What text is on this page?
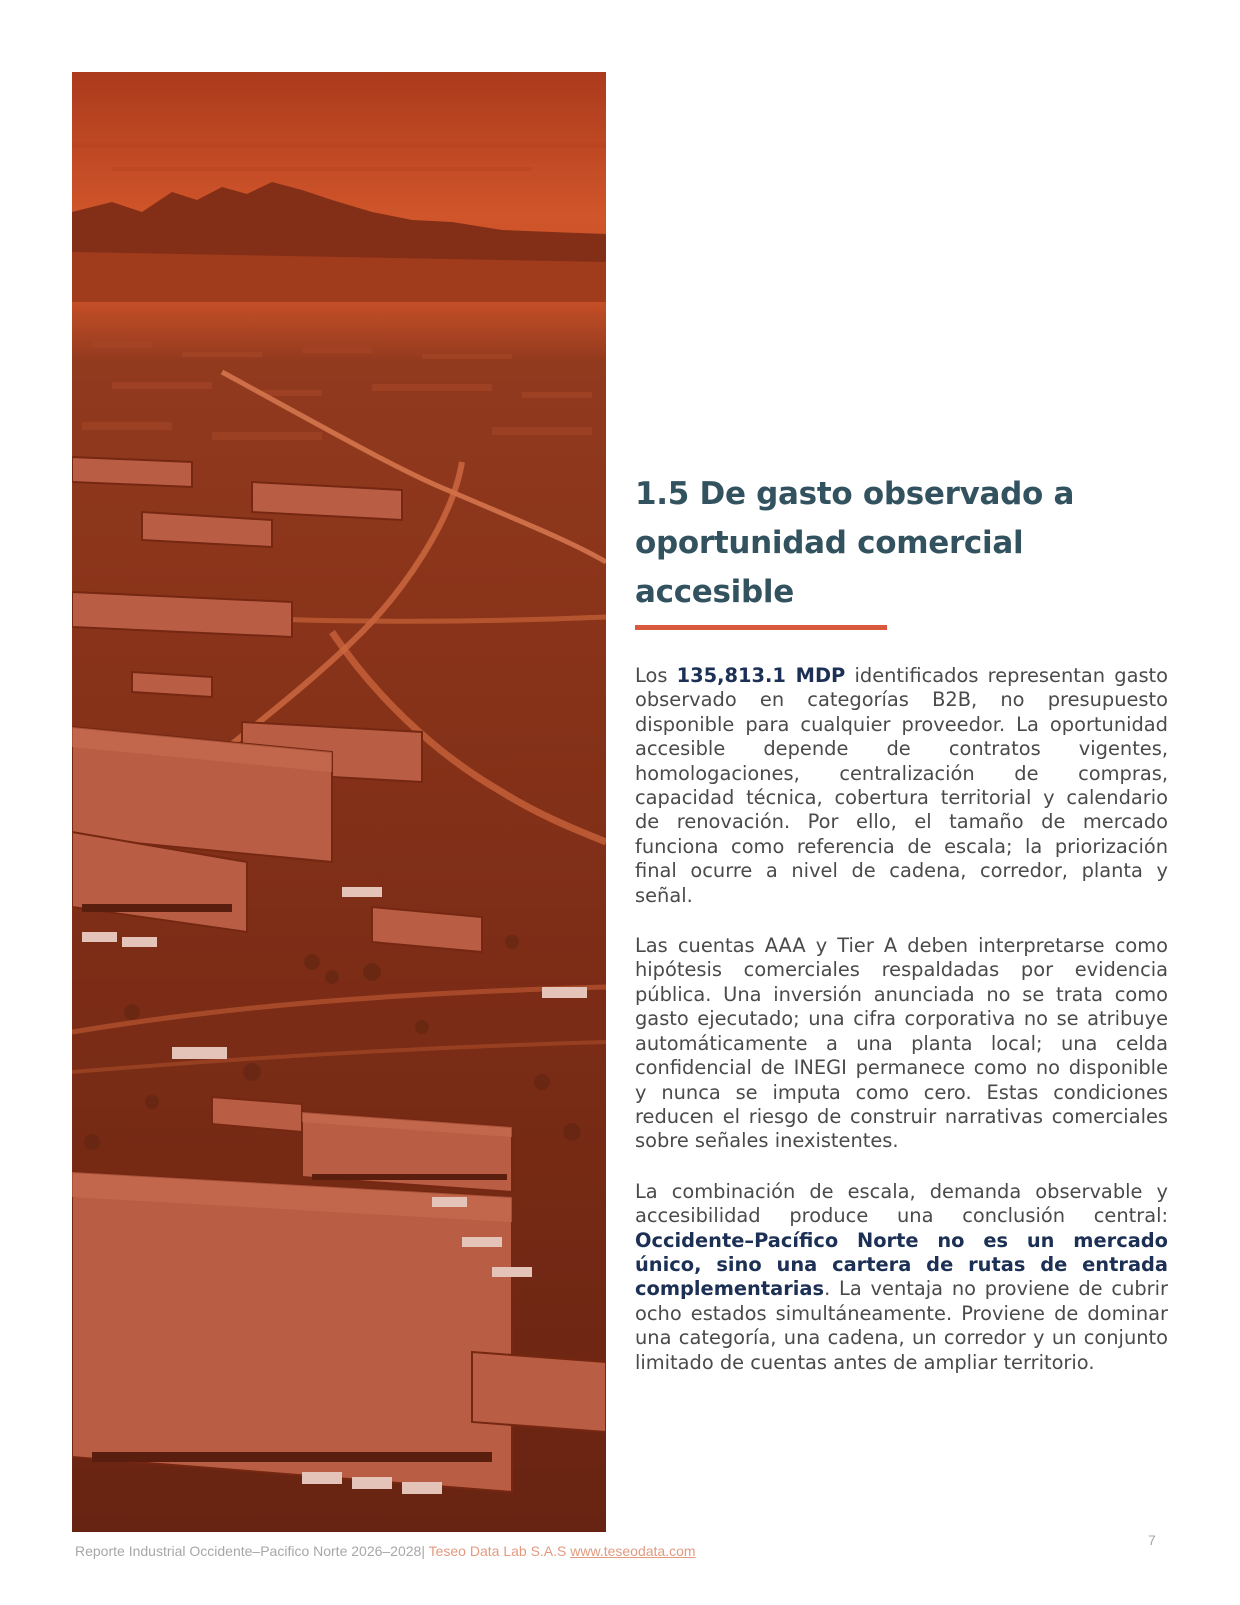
1.5 De gasto observado a
oportunidad comercial
accesible

Los 135,813.1 MDP identificados representan gasto observado en categorías B2B, no presupuesto disponible para cualquier proveedor. La oportunidad accesible depende de contratos vigentes, homologaciones, centralización de compras, capacidad técnica, cobertura territorial y calendario de renovación. Por ello, el tamaño de mercado funciona como referencia de escala; la priorización final ocurre a nivel de cadena, corredor, planta y señal.

Las cuentas AAA y Tier A deben interpretarse como hipótesis comerciales respaldadas por evidencia pública. Una inversión anunciada no se trata como gasto ejecutado; una cifra corporativa no se atribuye automáticamente a una planta local; una celda confidencial de INEGI permanece como no disponible y nunca se imputa como cero. Estas condiciones reducen el riesgo de construir narrativas comerciales sobre señales inexistentes.

La combinación de escala, demanda observable y accesibilidad produce una conclusión central: Occidente–Pacífico Norte no es un mercado único, sino una cartera de rutas de entrada complementarias. La ventaja no proviene de cubrir ocho estados simultáneamente. Proviene de dominar una categoría, una cadena, un corredor y un conjunto limitado de cuentas antes de ampliar territorio.

Reporte Industrial Occidente–Pacifico Norte 2026–2028| Teseo Data Lab S.A.S www.teseodata.com
7
